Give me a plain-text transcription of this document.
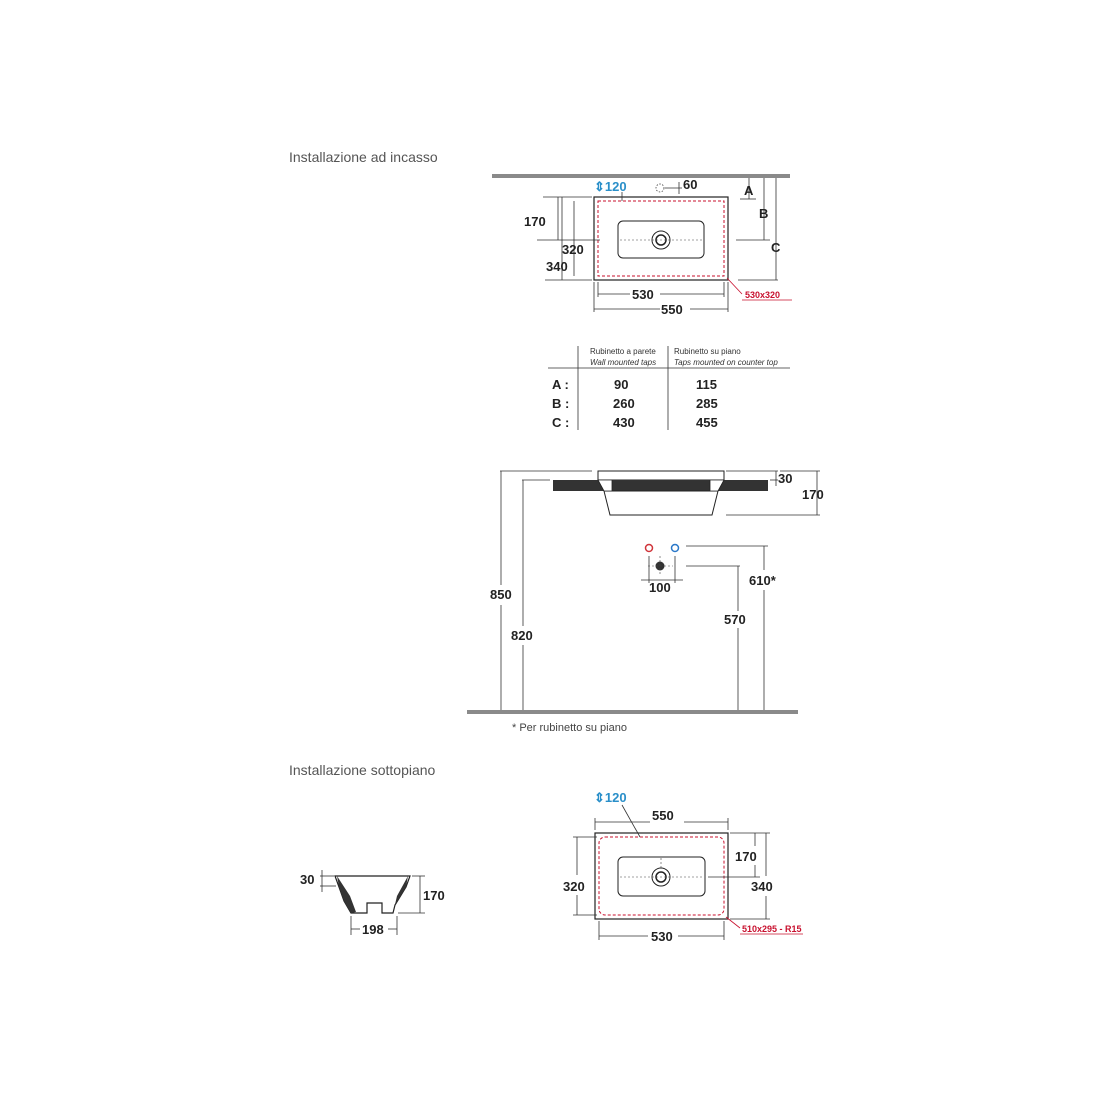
Installazione ad incasso
Installazione sottopiano
* Per rubinetto su piano
170
320
340
A
B
C
530
550
⇕120	60
530x320
Rubinetto a parete
Wall mounted taps
Rubinetto su piano
Taps mounted on counter top
A :	90	115
B :	260	285
C :	430	455
850
820
30
170
100	610*
570
30
170
198
550
320
170
340
530
⇕120
510x295 - R15
